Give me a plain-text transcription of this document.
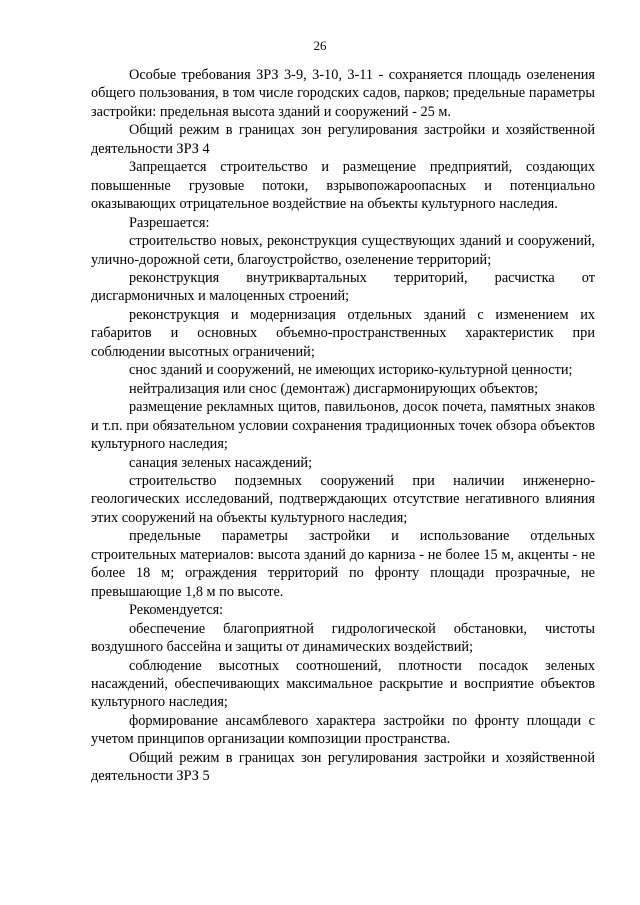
26

Особые требования ЗРЗ 3-9, 3-10, 3-11 - сохраняется площадь озеленения общего пользования, в том числе городских садов, парков; предельные параметры застройки: предельная высота зданий и сооружений - 25 м.

Общий режим в границах зон регулирования застройки и хозяйственной деятельности ЗРЗ 4

Запрещается строительство и размещение предприятий, создающих повышенные грузовые потоки, взрывопожароопасных и потенциально оказывающих отрицательное воздействие на объекты культурного наследия.

Разрешается:

строительство новых, реконструкция существующих зданий и сооружений, улично-дорожной сети, благоустройство, озеленение территорий;

реконструкция внутриквартальных территорий, расчистка от дисгармоничных и малоценных строений;

реконструкция и модернизация отдельных зданий с изменением их габаритов и основных объемно-пространственных характеристик при соблюдении высотных ограничений;

снос зданий и сооружений, не имеющих историко-культурной ценности;

нейтрализация или снос (демонтаж) дисгармонирующих объектов;

размещение рекламных щитов, павильонов, досок почета, памятных знаков и т.п. при обязательном условии сохранения традиционных точек обзора объектов культурного наследия;

санация зеленых насаждений;

строительство подземных сооружений при наличии инженерно-геологических исследований, подтверждающих отсутствие негативного влияния этих сооружений на объекты культурного наследия;

предельные параметры застройки и использование отдельных строительных материалов: высота зданий до карниза - не более 15 м, акценты - не более 18 м; ограждения территорий по фронту площади прозрачные, не превышающие 1,8 м по высоте.

Рекомендуется:

обеспечение благоприятной гидрологической обстановки, чистоты воздушного бассейна и защиты от динамических воздействий;

соблюдение высотных соотношений, плотности посадок зеленых насаждений, обеспечивающих максимальное раскрытие и восприятие объектов культурного наследия;

формирование ансамблевого характера застройки по фронту площади с учетом принципов организации композиции пространства.

Общий режим в границах зон регулирования застройки и хозяйственной деятельности ЗРЗ 5
